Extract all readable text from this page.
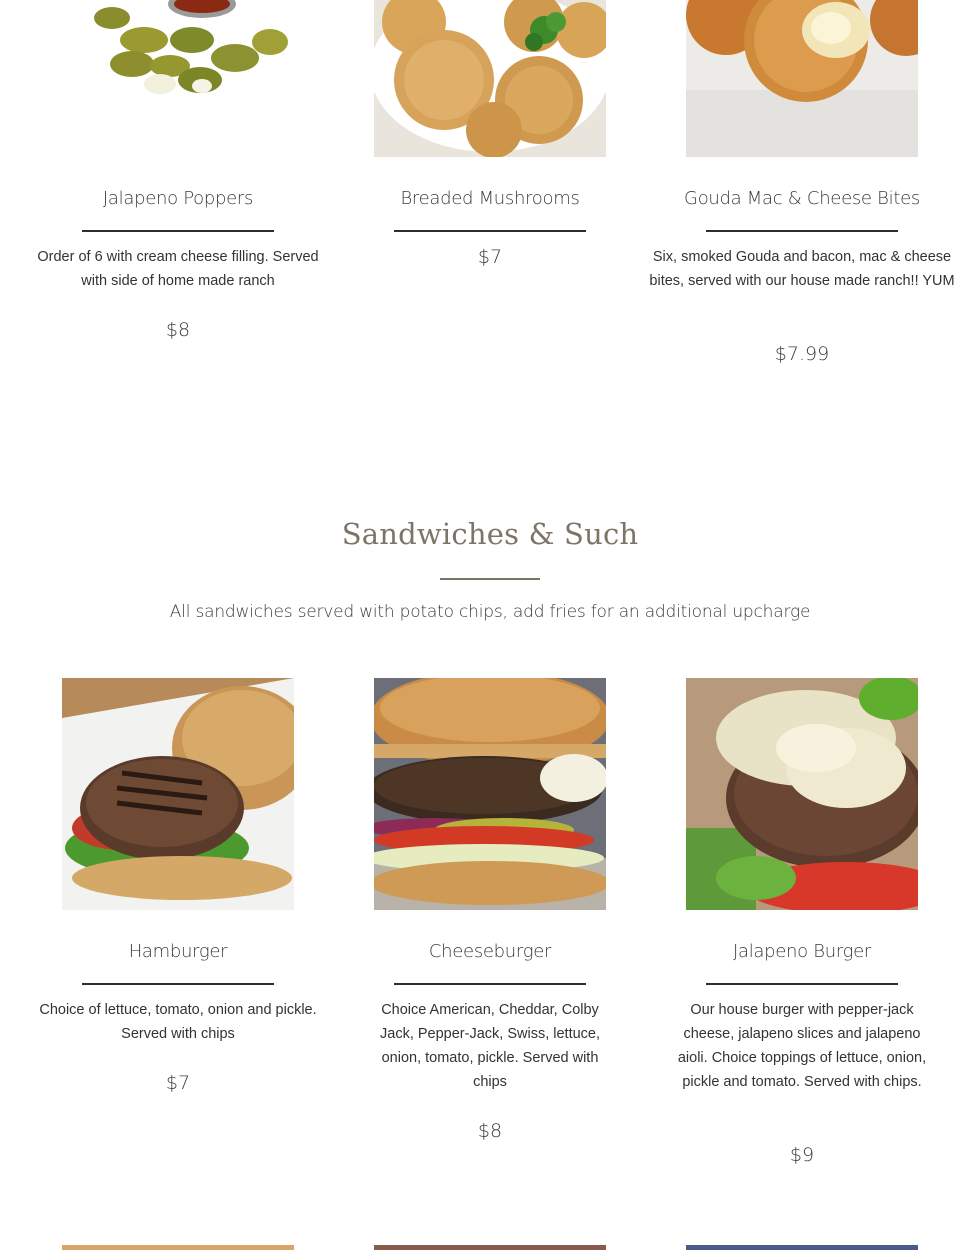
Jalapeno Poppers
Order of 6 with cream cheese filling. Served with side of home made ranch
$8
Breaded Mushrooms
$7
Gouda Mac & Cheese Bites
Six, smoked Gouda and bacon, mac & cheese bites, served with our house made ranch!! YUM
$7.99
Sandwiches & Such
All sandwiches served with potato chips, add fries for an additional upcharge
Hamburger
Choice of lettuce, tomato, onion and pickle. Served with chips
$7
Cheeseburger
Choice American, Cheddar, Colby Jack, Pepper-Jack, Swiss, lettuce, onion, tomato, pickle. Served with chips
$8
Jalapeno Burger
Our house burger with pepper-jack cheese, jalapeno slices and jalapeno aioli. Choice toppings of lettuce, onion, pickle and tomato. Served with chips.
$9
